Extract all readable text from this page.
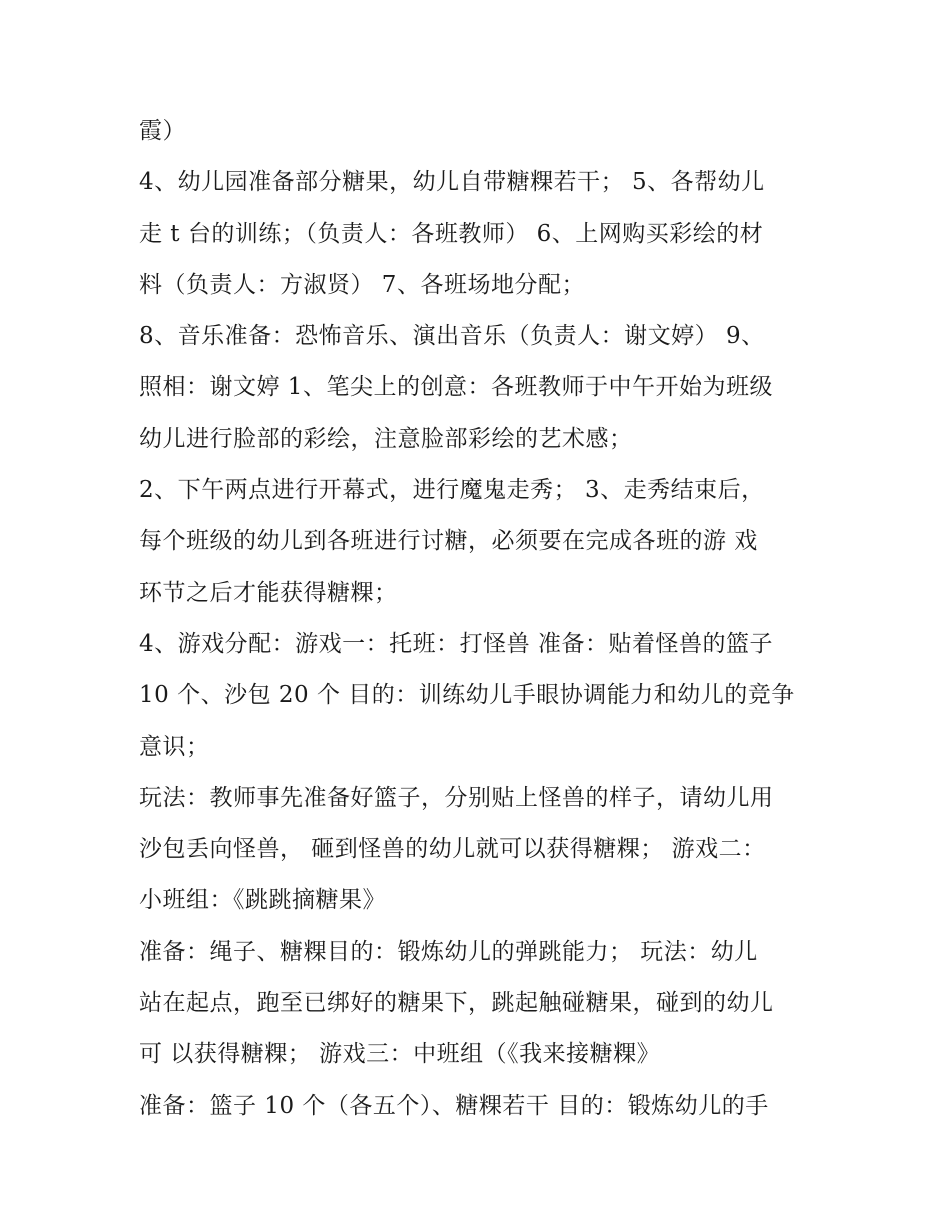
霞）
4、幼儿园准备部分糖果，幼儿自带糖粿若干； 5、各帮幼儿
走 t 台的训练；（负责人：各班教师） 6、上网购买彩绘的材
料（负责人：方淑贤） 7、各班场地分配；
8、音乐准备：恐怖音乐、演出音乐（负责人：谢文婷） 9、
照相：谢文婷 1、笔尖上的创意：各班教师于中午开始为班级
幼儿进行脸部的彩绘，注意脸部彩绘的艺术感；
2、下午两点进行开幕式，进行魔鬼走秀； 3、走秀结束后，
每个班级的幼儿到各班进行讨糖，必须要在完成各班的游 戏
环节之后才能获得糖粿；
4、游戏分配：游戏一：托班：打怪兽 准备：贴着怪兽的篮子
10 个、沙包 20 个 目的：训练幼儿手眼协调能力和幼儿的竞争
意识；
玩法：教师事先准备好篮子，分别贴上怪兽的样子，请幼儿用
沙包丢向怪兽， 砸到怪兽的幼儿就可以获得糖粿； 游戏二：
小班组：《跳跳摘糖果》
准备：绳子、糖粿目的：锻炼幼儿的弹跳能力； 玩法：幼儿
站在起点，跑至已绑好的糖果下，跳起触碰糖果，碰到的幼儿
可 以获得糖粿； 游戏三：中班组（《我来接糖粿》
准备：篮子 10 个（各五个）、糖粿若干 目的：锻炼幼儿的手
